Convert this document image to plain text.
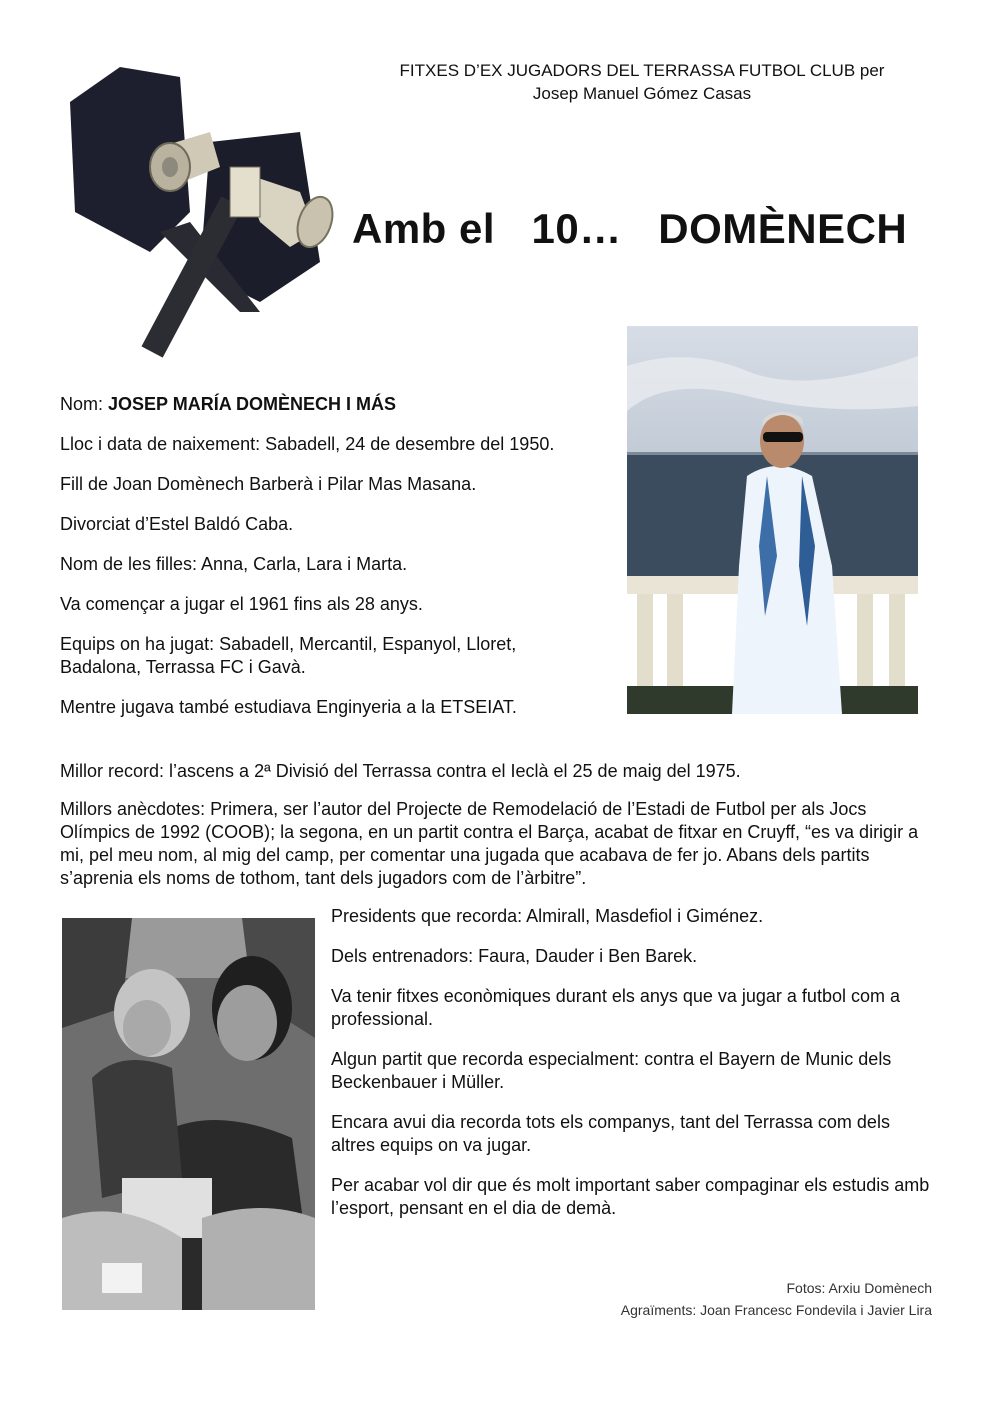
FITXES D’EX JUGADORS DEL TERRASSA FUTBOL CLUB per
Josep Manuel Gómez Casas
Amb el   10…   DOMÈNECH

Nom: JOSEP MARÍA DOMÈNECH I MÁS

Lloc i data de naixement: Sabadell, 24 de desembre del 1950.

Fill de Joan Domènech Barberà i Pilar Mas Masana.

Divorciat d’Estel Baldó Caba.

Nom de les filles: Anna, Carla, Lara i Marta.

Va començar a jugar el 1961 fins als 28 anys.

Equips on ha jugat: Sabadell, Mercantil, Espanyol, Lloret, Badalona, Terrassa FC i Gavà.

Mentre jugava també estudiava Enginyeria a la ETSEIAT.

Millor record: l’ascens a 2ª Divisió del Terrassa contra el Ieclà el 25 de maig del 1975.

Millors anècdotes: Primera, ser l’autor del Projecte de Remodelació de l’Estadi de Futbol per als Jocs Olímpics de 1992 (COOB); la segona, en un partit contra el Barça, acabat de fitxar en Cruyff, “es va dirigir a mi, pel meu nom, al mig del camp, per comentar una jugada que acabava de fer jo. Abans dels partits s’aprenia els noms de tothom, tant dels jugadors com de l’àrbitre”.

Presidents que recorda: Almirall, Masdefiol i Giménez.

Dels entrenadors: Faura, Dauder i Ben Barek.

Va tenir fitxes econòmiques durant els anys que va jugar a futbol com a professional.

Algun partit que recorda especialment: contra el Bayern de Munic dels Beckenbauer i Müller.

Encara avui dia recorda tots els companys, tant del Terrassa com dels altres equips on va jugar.

Per acabar vol dir que és molt important saber compaginar els estudis amb l’esport, pensant en el dia de demà.

Fotos: Arxiu Domènech
Agraïments: Joan Francesc Fondevila i Javier Lira
